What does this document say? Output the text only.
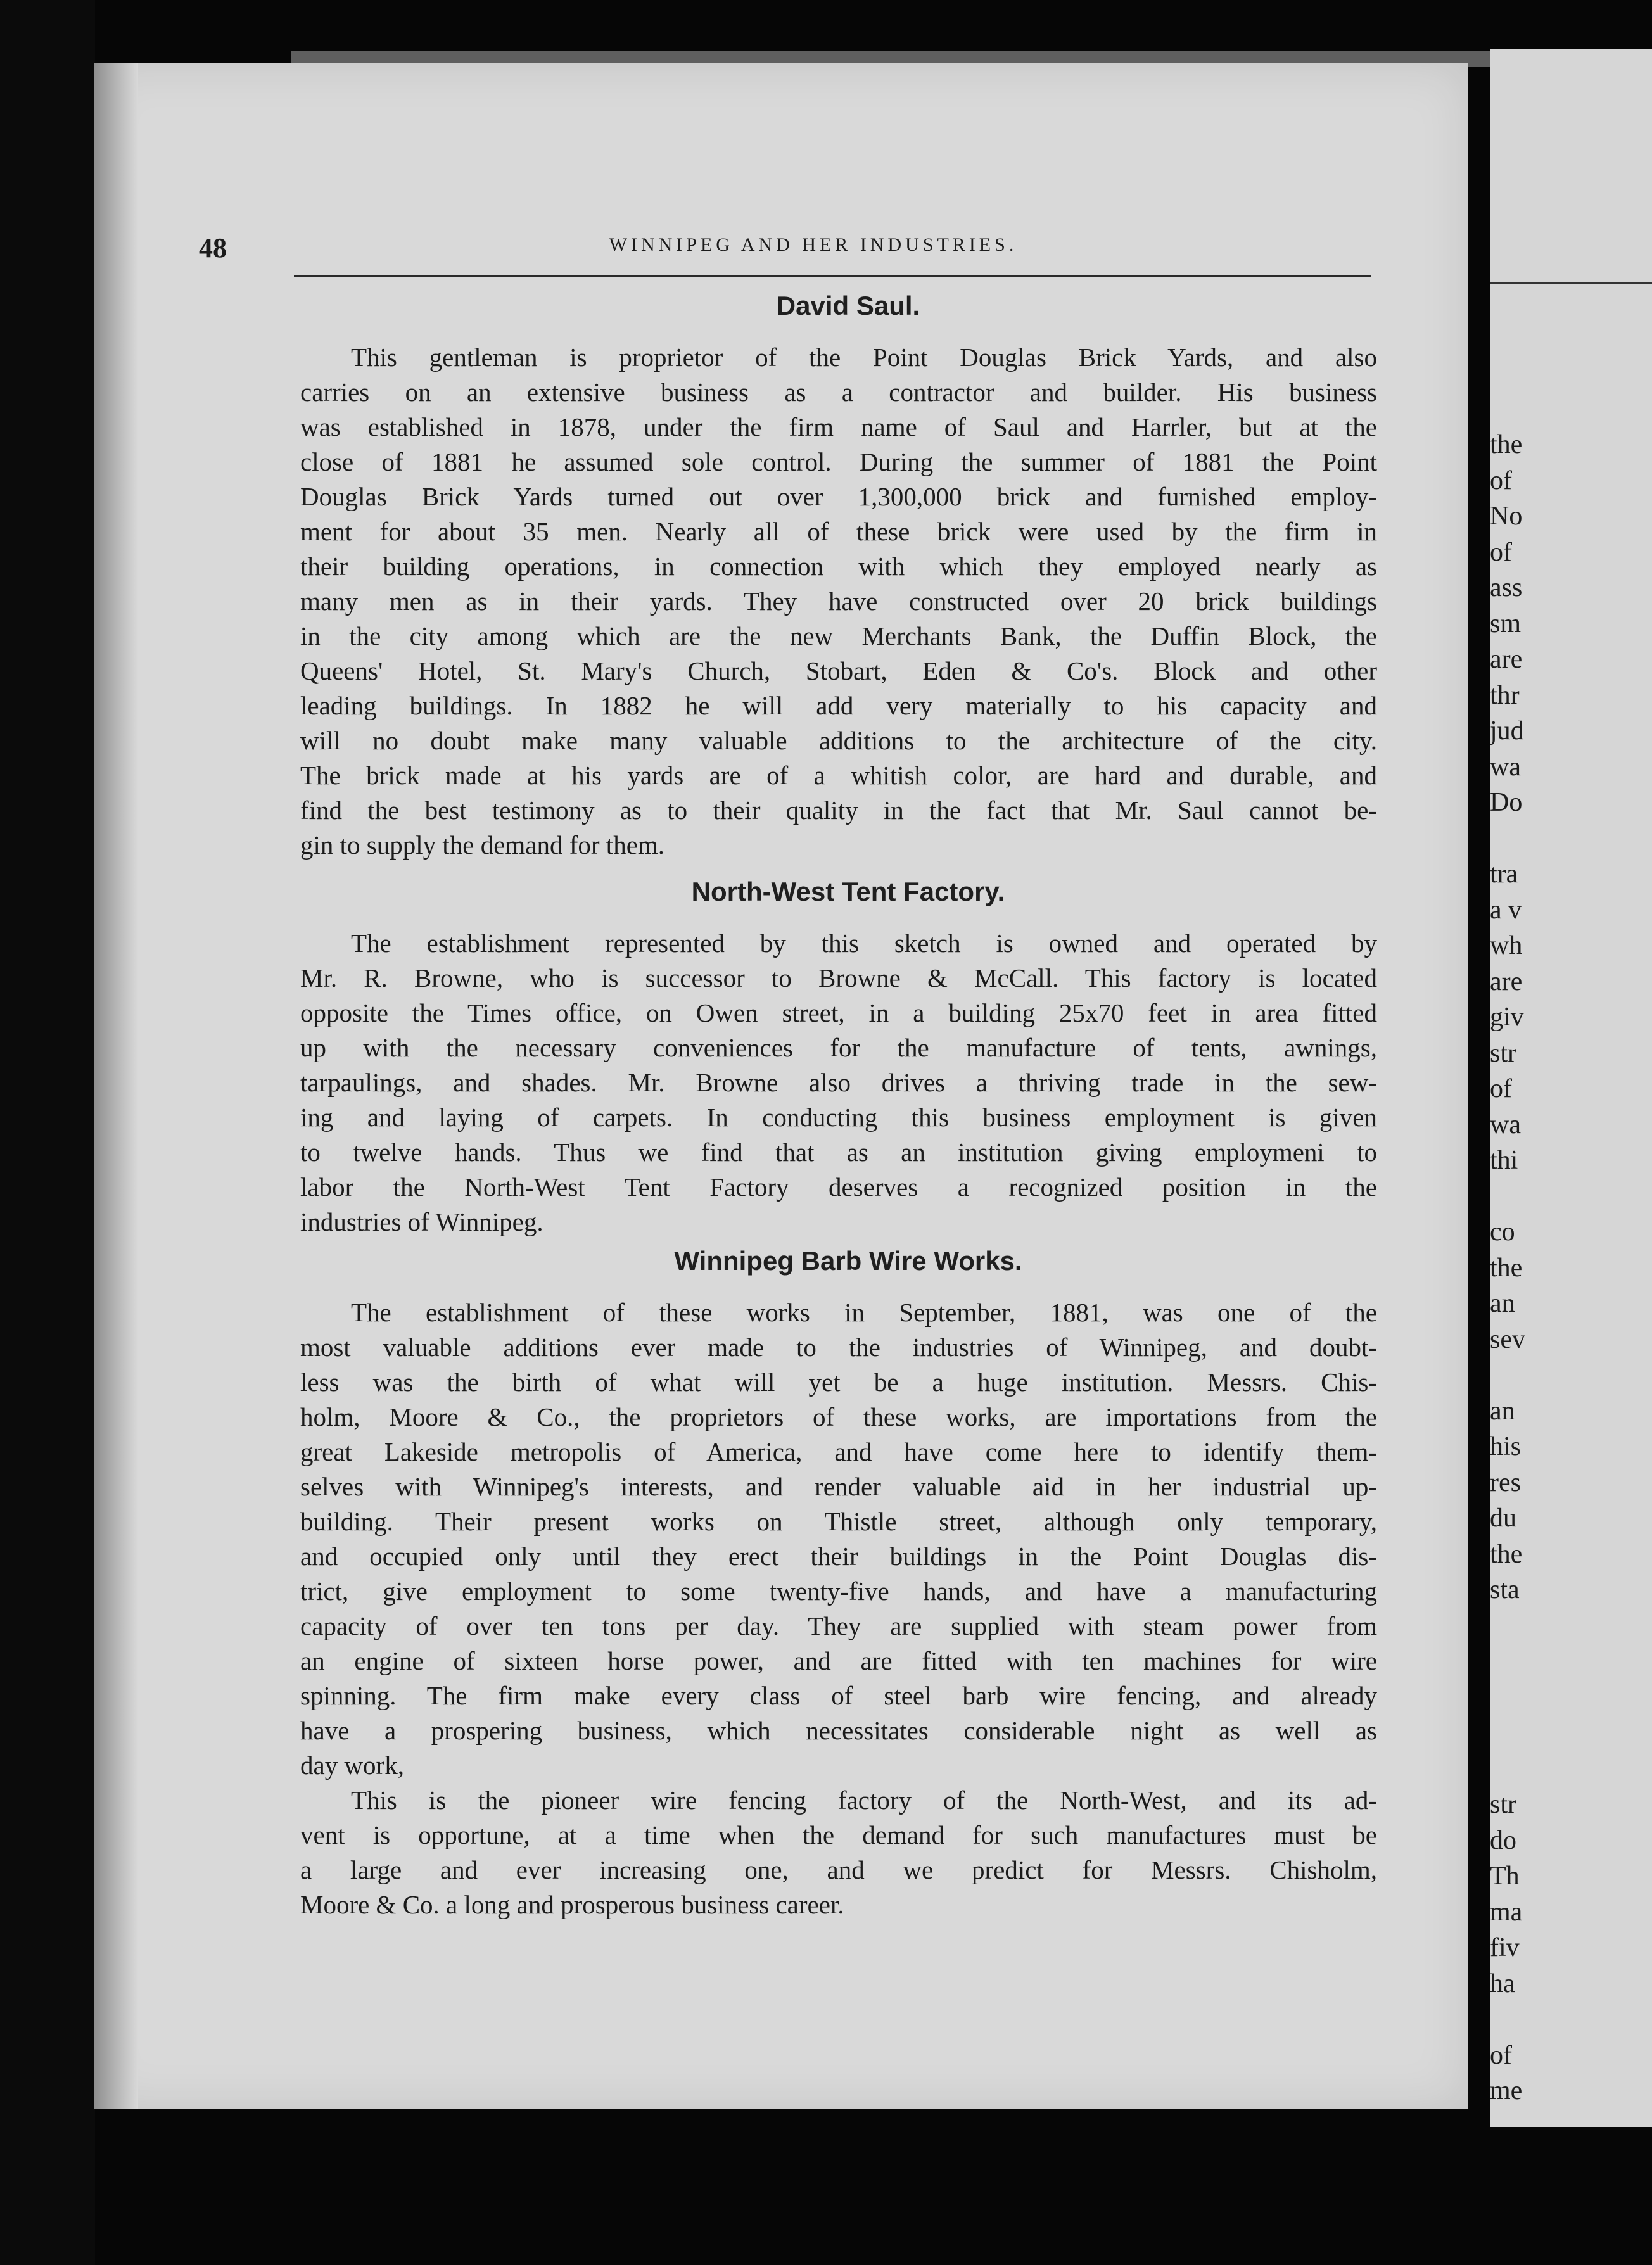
the
of
No
of
ass
sm
are
thr
jud
wa
Do
tra
a v
wh
are
giv
str
of
wa
thi
co
the
an
sev
an
his
res
du
the
sta
str
do
Th
ma
fiv
ha
of
me
48	WINNIPEG AND HER INDUSTRIES.
David Saul.
This gentleman is proprietor of the Point Douglas Brick Yards, and also
carries on an extensive business as a contractor and builder. His business
was established in 1878, under the firm name of Saul and Harrler, but at the
close of 1881 he assumed sole control. During the summer of 1881 the Point
Douglas Brick Yards turned out over 1,300,000 brick and furnished employ-
ment for about 35 men. Nearly all of these brick were used by the firm in
their building operations, in connection with which they employed nearly as
many men as in their yards. They have constructed over 20 brick buildings
in the city among which are the new Merchants Bank, the Duffin Block, the
Queens' Hotel, St. Mary's Church, Stobart, Eden & Co's. Block and other
leading buildings. In 1882 he will add very materially to his capacity and
will no doubt make many valuable additions to the architecture of the city.
The brick made at his yards are of a whitish color, are hard and durable, and
find the best testimony as to their quality in the fact that Mr. Saul cannot be-
gin to supply the demand for them.
North-West Tent Factory.
The establishment represented by this sketch is owned and operated by
Mr. R. Browne, who is successor to Browne & McCall. This factory is located
opposite the Times office, on Owen street, in a building 25x70 feet in area fitted
up with the necessary conveniences for the manufacture of tents, awnings,
tarpaulings, and shades. Mr. Browne also drives a thriving trade in the sew-
ing and laying of carpets. In conducting this business employment is given
to twelve hands. Thus we find that as an institution giving employmeni to
labor the North-West Tent Factory deserves a recognized position in the
industries of Winnipeg.
Winnipeg Barb Wire Works.
The establishment of these works in September, 1881, was one of the
most valuable additions ever made to the industries of Winnipeg, and doubt-
less was the birth of what will yet be a huge institution. Messrs. Chis-
holm, Moore & Co., the proprietors of these works, are importations from the
great Lakeside metropolis of America, and have come here to identify them-
selves with Winnipeg's interests, and render valuable aid in her industrial up-
building. Their present works on Thistle street, although only temporary,
and occupied only until they erect their buildings in the Point Douglas dis-
trict, give employment to some twenty-five hands, and have a manufacturing
capacity of over ten tons per day. They are supplied with steam power from
an engine of sixteen horse power, and are fitted with ten machines for wire
spinning. The firm make every class of steel barb wire fencing, and already
have a prospering business, which necessitates considerable night as well as
day work,
This is the pioneer wire fencing factory of the North-West, and its ad-
vent is opportune, at a time when the demand for such manufactures must be
a large and ever increasing one, and we predict for Messrs. Chisholm,
Moore & Co. a long and prosperous business career.
